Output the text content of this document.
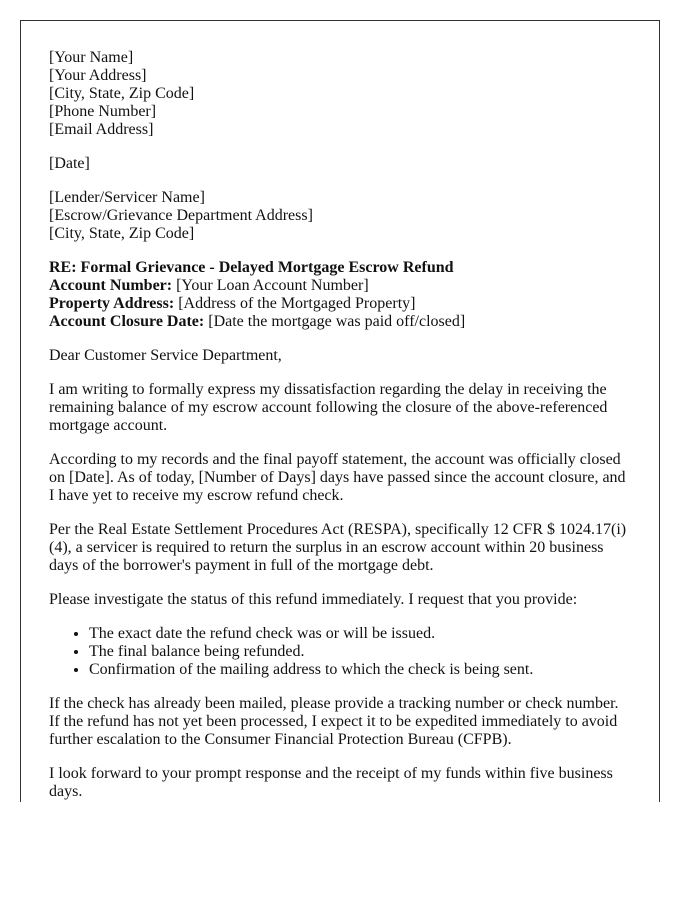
[Your Name]
[Your Address]
[City, State, Zip Code]
[Phone Number]
[Email Address]
[Date]
[Lender/Servicer Name]
[Escrow/Grievance Department Address]
[City, State, Zip Code]
RE: Formal Grievance - Delayed Mortgage Escrow Refund
Account Number: [Your Loan Account Number]
Property Address: [Address of the Mortgaged Property]
Account Closure Date: [Date the mortgage was paid off/closed]

Dear Customer Service Department,

I am writing to formally express my dissatisfaction regarding the delay in receiving the remaining balance of my escrow account following the closure of the above-referenced mortgage account.

According to my records and the final payoff statement, the account was officially closed on [Date]. As of today, [Number of Days] days have passed since the account closure, and I have yet to receive my escrow refund check.

Per the Real Estate Settlement Procedures Act (RESPA), specifically 12 CFR $ 1024.17(i)(4), a servicer is required to return the surplus in an escrow account within 20 business days of the borrower's payment in full of the mortgage debt.

Please investigate the status of this refund immediately. I request that you provide:

• The exact date the refund check was or will be issued.
• The final balance being refunded.
• Confirmation of the mailing address to which the check is being sent.

If the check has already been mailed, please provide a tracking number or check number. If the refund has not yet been processed, I expect it to be expedited immediately to avoid further escalation to the Consumer Financial Protection Bureau (CFPB).

I look forward to your prompt response and the receipt of my funds within five business days.
